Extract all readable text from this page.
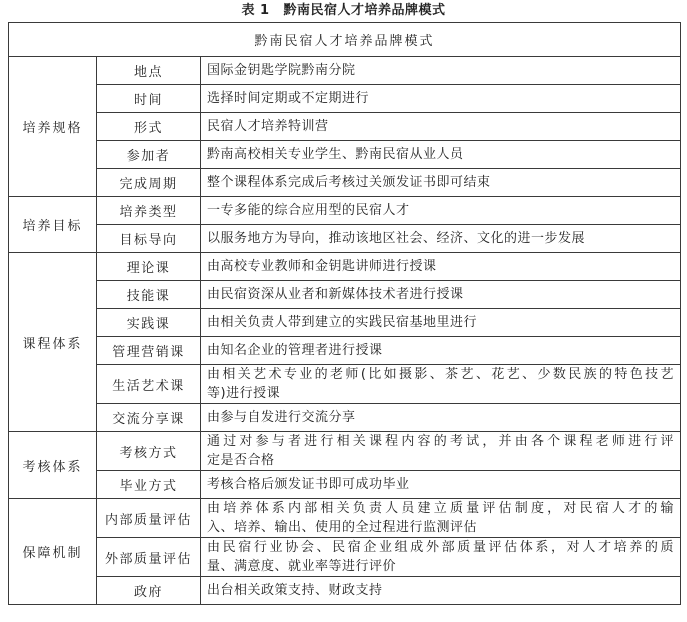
表 1 黔南民宿人才培养品牌模式
黔南民宿人才培养品牌模式		
培养规格	地点	国际金钥匙学院黔南分院
	时间	选择时间定期或不定期进行
	形式	民宿人才培养特训营
	参加者	黔南高校相关专业学生、黔南民宿从业人员
	完成周期	整个课程体系完成后考核过关颁发证书即可结束
培养目标	培养类型	一专多能的综合应用型的民宿人才
	目标导向	以服务地方为导向，推动该地区社会、经济、文化的进一步发展
课程体系	理论课	由高校专业教师和金钥匙讲师进行授课
	技能课	由民宿资深从业者和新媒体技术者进行授课
	实践课	由相关负责人带到建立的实践民宿基地里进行
	管理营销课	由知名企业的管理者进行授课
	生活艺术课	由相关艺术专业的老师(比如摄影、茶艺、花艺、少数民族的特色技艺
等)进行授课

	交流分享课	由参与自发进行交流分享
考核体系	考核方式	通过对参与者进行相关课程内容的考试，并由各个课程老师进行评
定是否合格

	毕业方式	考核合格后颁发证书即可成功毕业
保障机制	内部质量评估	由培养体系内部相关负责人员建立质量评估制度，对民宿人才的输
入、培养、输出、使用的全过程进行监测评估

	外部质量评估	由民宿行业协会、民宿企业组成外部质量评估体系，对人才培养的质
量、满意度、就业率等进行评价

	政府	出台相关政策支持、财政支持
